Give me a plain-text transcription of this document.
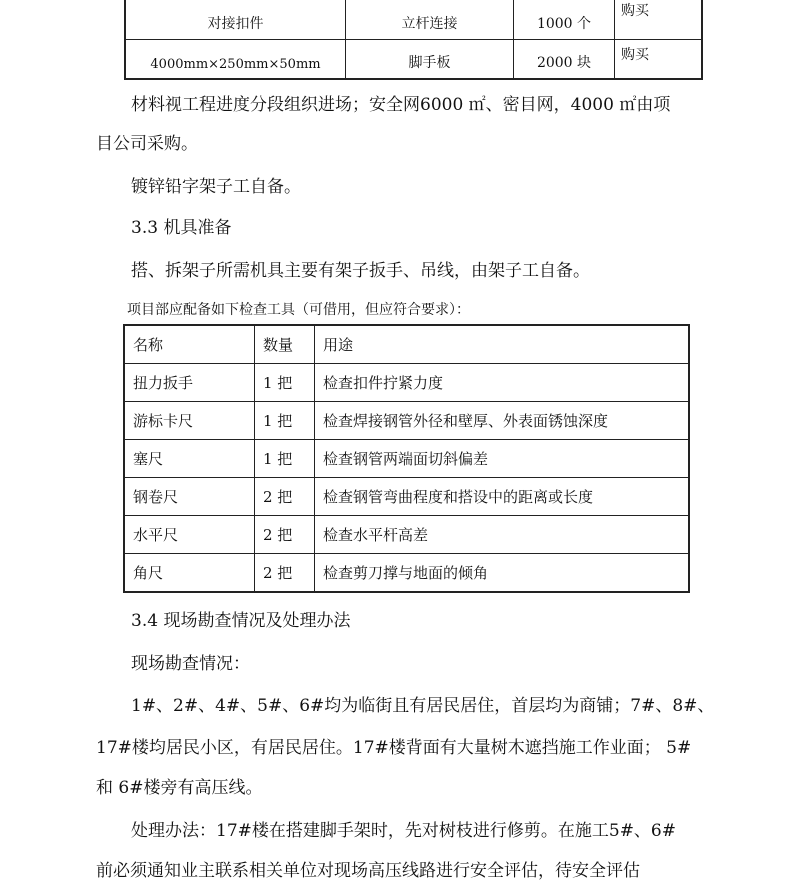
对接扣件	立杆连接	1000 个	购买
4000mm×250mm×50mm	脚手板	2000 块	购买
材料视工程进度分段组织进场；安全网6000 ㎡、密目网，4000 ㎡由项
目公司采购。
镀锌铅字架子工自备。
3.3 机具准备
搭、拆架子所需机具主要有架子扳手、吊线，由架子工自备。
项目部应配备如下检查工具（可借用，但应符合要求）：
名称	数量	用途
扭力扳手	1 把	检查扣件拧紧力度
游标卡尺	1 把	检查焊接钢管外径和壁厚、外表面锈蚀深度
塞尺	1 把	检查钢管两端面切斜偏差
钢卷尺	2 把	检查钢管弯曲程度和搭设中的距离或长度
水平尺	2 把	检查水平杆高差
角尺	2 把	检查剪刀撑与地面的倾角
3.4 现场勘查情况及处理办法
现场勘查情况：
1#、2#、4#、5#、6#均为临街且有居民居住，首层均为商铺；7#、8#、
17#楼均居民小区，有居民居住。17#楼背面有大量树木遮挡施工作业面； 5#
和 6#楼旁有高压线。
处理办法：17#楼在搭建脚手架时，先对树枝进行修剪。在施工5#、6#
前必须通知业主联系相关单位对现场高压线路进行安全评估，待安全评估
